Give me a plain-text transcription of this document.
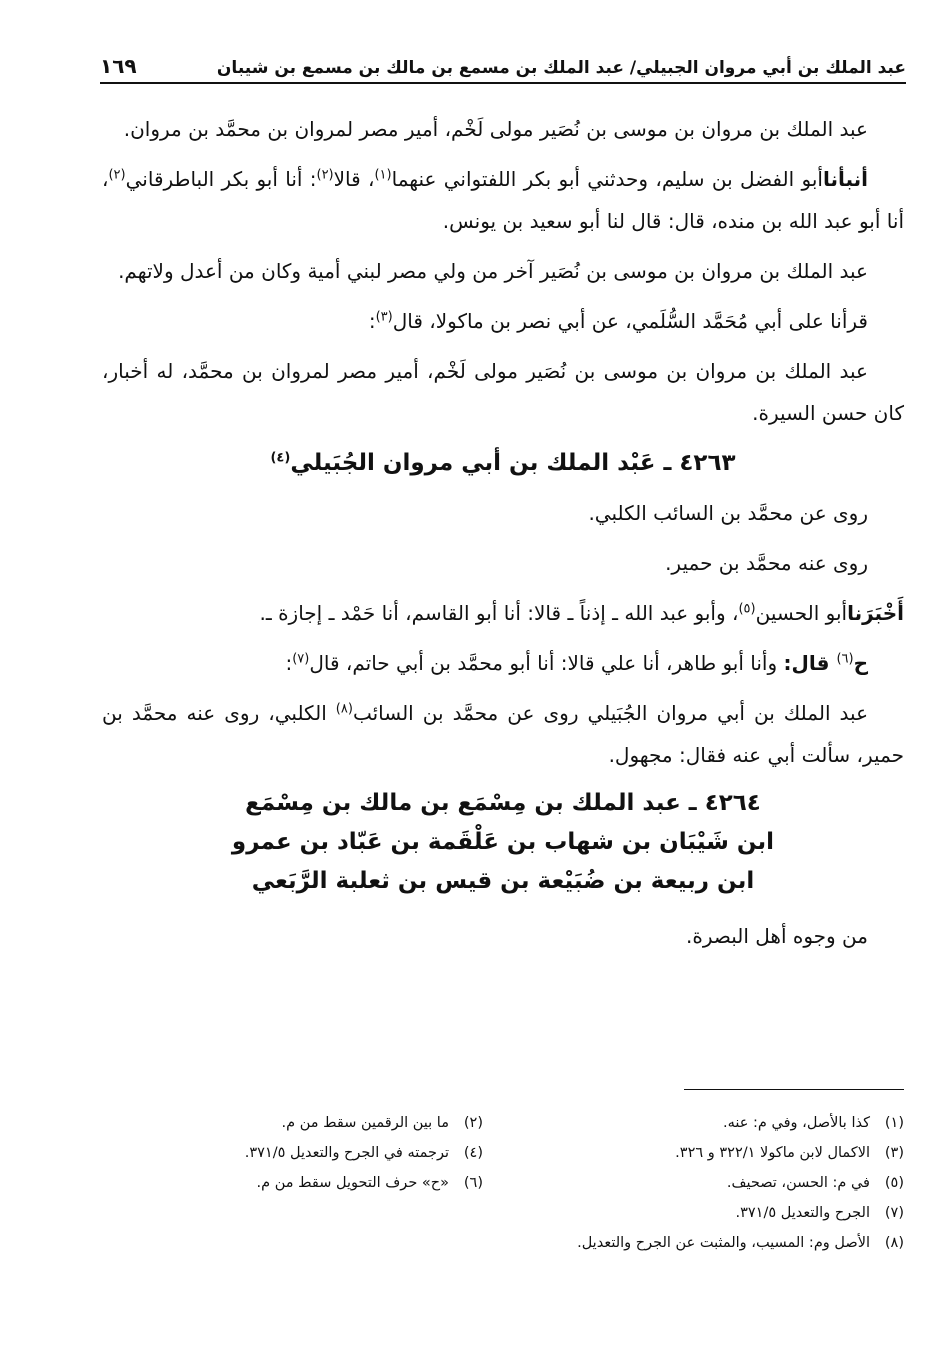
عبد الملك بن أبي مروان الجبيلي/ عبد الملك بن مسمع بن مالك بن مسمع بن شيبان
١٦٩

عبد الملك بن مروان بن موسى بن نُصَير مولى لَخْم، أمير مصر لمروان بن محمَّد بن مروان.

أنبأناأبو الفضل بن سليم، وحدثني أبو بكر اللفتواني عنهما$^{(١)}$، قالا$^{(٢)}$: أنا أبو بكر الباطرقاني$^{(٢)}$، أنا أبو عبد الله بن منده، قال: قال لنا أبو سعيد بن يونس.

عبد الملك بن مروان بن موسى بن نُصَير آخر من ولي مصر لبني أمية وكان من أعدل ولاتهم.

قرأنا على أبي مُحَمَّد السُّلَمي، عن أبي نصر بن ماكولا، قال$^{(٣)}$:

عبد الملك بن مروان بن موسى بن نُصَير مولى لَخْم، أمير مصر لمروان بن محمَّد، له أخبار، كان حسن السيرة.

٤٢٦٣ ـ عَبْد الملك بن أبي مروان الجُبَيلي$^{(٤)}$

روى عن محمَّد بن السائب الكلبي.

روى عنه محمَّد بن حمير.

أَخْبَرَناأبو الحسين$^{(٥)}$، وأبو عبد الله ـ إذناً ـ قالا: أنا أبو القاسم، أنا حَمْد ـ إجازة ـ.

ح$^{(٦)}$ قال: وأنا أبو طاهر، أنا علي قالا: أنا أبو محمَّد بن أبي حاتم، قال$^{(٧)}$:

عبد الملك بن أبي مروان الجُبَيلي روى عن محمَّد بن السائب$^{(٨)}$ الكلبي، روى عنه محمَّد بن حمير، سألت أبي عنه فقال: مجهول.

٤٢٦٤ ـ عبد الملك بن مِسْمَع بن مالك بن مِسْمَع
ابن شَيْبَان بن شهاب بن عَلْقَمة بن عَبّاد بن عمرو
ابن ربيعة بن ضُبَيْعة بن قيس بن ثعلبة الرَّبَعي

من وجوه أهل البصرة.

(١)كذا بالأصل، وفي م: عنه.
(٢)ما بين الرقمين سقط من م.
(٣)الاكمال لابن ماكولا ٣٢٢/١ و ٣٢٦.
(٤)ترجمته في الجرح والتعديل ٣٧١/٥.
(٥)في م: الحسن، تصحيف.
(٦)«ح» حرف التحويل سقط من م.
(٧)الجرح والتعديل ٣٧١/٥.
(٨)الأصل وم: المسيب، والمثبت عن الجرح والتعديل.
